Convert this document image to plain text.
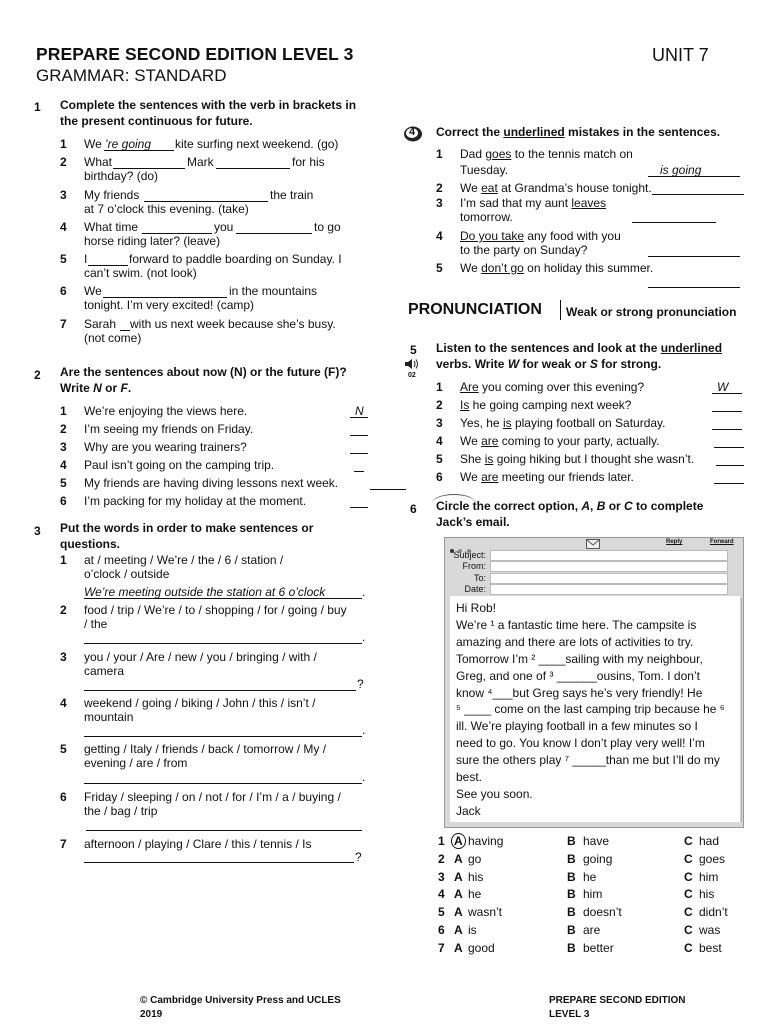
PREPARE SECOND EDITION LEVEL 3
GRAMMAR: STANDARD
UNIT 7
1 Complete the sentences with the verb in brackets in the present continuous for future.
1 We ’re going kite surfing next weekend. (go)
2 What	Mark	for his
birthday? (do)
3 My friends	the train
at 7 o’clock this evening. (take)
4 What time	you	to go
horse riding later? (leave)
5 I	forward to paddle boarding on Sunday. I
can’t swim. (not look)
6 We	in the mountains
tonight. I’m very excited! (camp)
7 Sarah with us next week because she’s busy.
(not come)
2 Are the sentences about now (N) or the future (F)? Write N or F.
1 We’re enjoying the views here.	N
2 I’m seeing my friends on Friday.
3 Why are you wearing trainers?
4 Paul isn’t going on the camping trip.
5 My friends are having diving lessons next week.
6 I’m packing for my holiday at the moment.
3 Put the words in order to make sentences or questions.
1 at / meeting / We’re / the / 6 / station /
o’clock / outside
We’re meeting outside the station at 6 o’clock	.
2 food / trip / We’re / to / shopping / for / going / buy
/ the
.
3 you / your / Are / new / you / bringing / with /
camera
?
4 weekend / going / biking / John / this / isn’t /
mountain
.
5 getting / Italy / friends / back / tomorrow / My /
evening / are / from
.
6 Friday / sleeping / on / not / for / I’m / a / buying /
the / bag / trip
7 afternoon / playing / Clare / this / tennis / Is
?
4 Correct the underlined mistakes in the sentences.
1 Dad goes to the tennis match on
Tuesday.	is going
2 We eat at Grandma’s house tonight.
3 I’m sad that my aunt leaves
tomorrow.
4 Do you take any food with you
to the party on Sunday?
5 We don’t go on holiday this summer.
PRONUNCIATION Weak or strong pronunciation
5
02
Listen to the sentences and look at the underlined
verbs. Write W for weak or S for strong.
1 Are you coming over this evening?	W
2 Is he going camping next week?
3 Yes, he is playing football on Saturday.
4 We are coming to your party, actually.
5 She is going hiking but I thought she wasn’t.
6 We are meeting our friends later.
6 Circle the correct option, A, B or C to complete
Jack’s email.

Reply	Forward
Subject:
From:
To:
Date:
Hi Rob!
We’re ¹ a fantastic time here. The campsite is
amazing and there are lots of activities to try.
Tomorrow I’m ² ____sailing with my neighbour,
Greg, and one of ³ ______ousins, Tom. I don’t
know ⁴___but Greg says he’s very friendly! He
⁵ ____ come on the last camping trip because he ⁶
ill. We’re playing football in a few minutes so I
need to go. You know I don’t play very well! I’m
sure the others play ⁷ _____than me but I’ll do my
best.
See you soon.
Jack
1 A having	B have	C had
2 A go	B going	C goes
3 A his	B he	C him
4 A he	B him	C his
5 A wasn’t	B doesn’t	C didn’t
6 A is	B are	C was
7 A good	B better	C best
© Cambridge University Press and UCLES
2019
PREPARE SECOND EDITION
LEVEL 3
